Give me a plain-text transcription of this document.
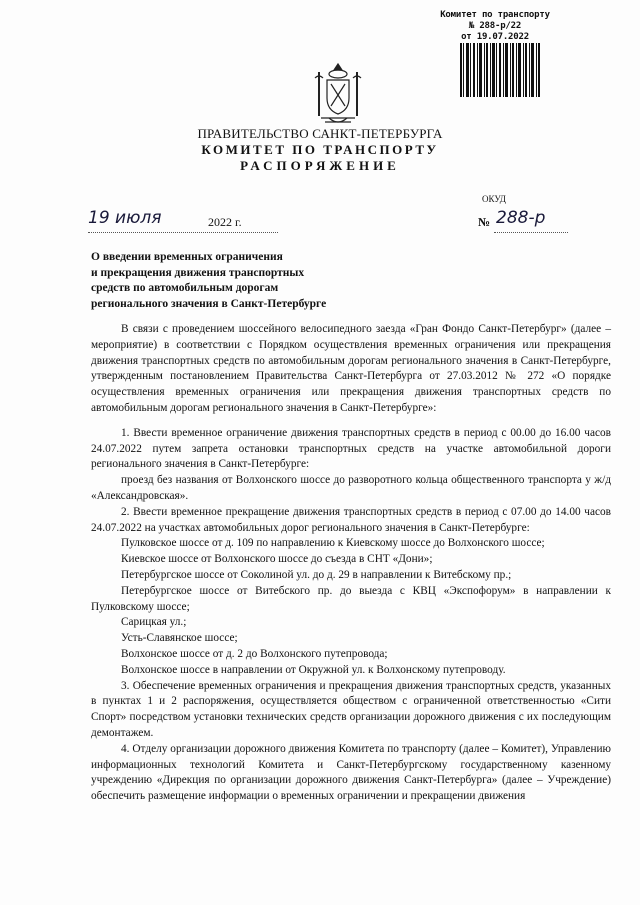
Комитет по транспорту
№ 288-р/22
от 19.07.2022
ПРАВИТЕЛЬСТВО САНКТ-ПЕТЕРБУРГА
КОМИТЕТ ПО ТРАНСПОРТУ
РАСПОРЯЖЕНИЕ
ОКУД
19 июля	2022 г.	№ 288-р
О введении временных ограничения
и прекращения движения транспортных
средств по автомобильным дорогам
регионального значения в Санкт-Петербурге

В связи с проведением шоссейного велосипедного заезда «Гран Фондо Санкт-Петербург» (далее – мероприятие) в соответствии с Порядком осуществления временных ограничения или прекращения движения транспортных средств по автомобильным дорогам регионального значения в Санкт-Петербурге, утвержденным постановлением Правительства Санкт-Петербурга от 27.03.2012 № 272 «О порядке осуществления временных ограничения или прекращения движения транспортных средств по автомобильным дорогам регионального значения в Санкт-Петербурге»:

1. Ввести временное ограничение движения транспортных средств в период с 00.00 до 16.00 часов 24.07.2022 путем запрета остановки транспортных средств на участке автомобильной дороги регионального значения в Санкт-Петербурге:

проезд без названия от Волхонского шоссе до разворотного кольца общественного транспорта у ж/д «Александровская».

2. Ввести временное прекращение движения транспортных средств в период с 07.00 до 14.00 часов 24.07.2022 на участках автомобильных дорог регионального значения в Санкт-Петербурге:

Пулковское шоссе от д. 109 по направлению к Киевскому шоссе до Волхонского шоссе;

Киевское шоссе от Волхонского шоссе до съезда в СНТ «Дони»;

Петербургское шоссе от Соколиной ул. до д. 29 в направлении к Витебскому пр.;

Петербургское шоссе от Витебского пр. до выезда с КВЦ «Экспофорум» в направлении к Пулковскому шоссе;

Сарицкая ул.;

Усть-Славянское шоссе;

Волхонское шоссе от д. 2 до Волхонского путепровода;

Волхонское шоссе в направлении от Окружной ул. к Волхонскому путепроводу.

3. Обеспечение временных ограничения и прекращения движения транспортных средств, указанных в пунктах 1 и 2 распоряжения, осуществляется обществом с ограниченной ответственностью «Сити Спорт» посредством установки технических средств организации дорожного движения с их последующим демонтажем.

4. Отделу организации дорожного движения Комитета по транспорту (далее – Комитет), Управлению информационных технологий Комитета и Санкт-Петербургскому государственному казенному учреждению «Дирекция по организации дорожного движения Санкт-Петербурга» (далее – Учреждение) обеспечить размещение информации о временных ограничении и прекращении движения
